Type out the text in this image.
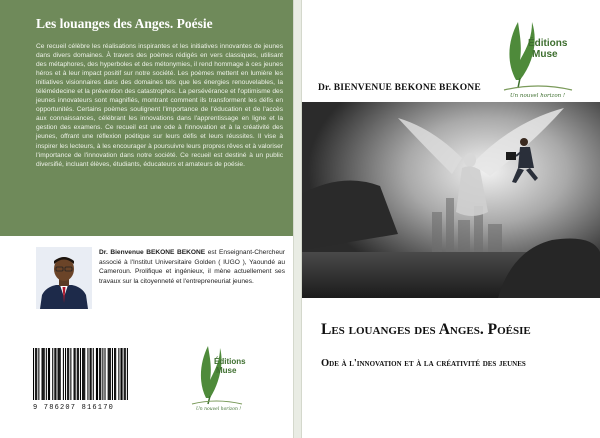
Les louanges des Anges. Poésie
Ce recueil célèbre les réalisations inspirantes et les initiatives innovantes de jeunes dans divers domaines. À travers des poèmes rédigés en vers classiques, utilisant des métaphores, des hyperboles et des métonymies, il rend hommage à ces jeunes héros et à leur impact positif sur notre société. Les poèmes mettent en lumière les initiatives visionnaires dans des domaines tels que les énergies renouvelables, la télémédecine et la prévention des catastrophes. La persévérance et l'optimisme des jeunes innovateurs sont magnifiés, montrant comment ils transforment les défis en opportunités. Certains poèmes soulignent l'importance de l'éducation et de l'accès aux connaissances, célébrant les innovations dans l'apprentissage en ligne et la gestion des examens. Ce recueil est une ode à l'innovation et à la créativité des jeunes, offrant une réflexion poétique sur leurs défis et leurs réussites. Il vise à inspirer les lecteurs, à les encourager à poursuivre leurs propres rêves et à valoriser l'importance de l'innovation dans notre société. Ce recueil est destiné à un public diversifié, incluant élèves, étudiants, éducateurs et amateurs de poésie.
Dr. Bienvenue BEKONE BEKONE est Enseignant-Chercheur associé à l'Institut Universitaire Golden ( IUGO ), Yaoundé au Cameroun. Prolifique et ingénieux, il mène actuellement ses travaux sur la citoyenneté et l'entrepreneuriat jeunes.
9 786207 816170
Éditions
Muse
Un nouvel horizon !
Éditions
Muse
Un nouvel horizon !
Dr. BIENVENUE BEKONE BEKONE
Les louanges des Anges. Poésie
Ode à l'innovation et à la créativité des jeunes
